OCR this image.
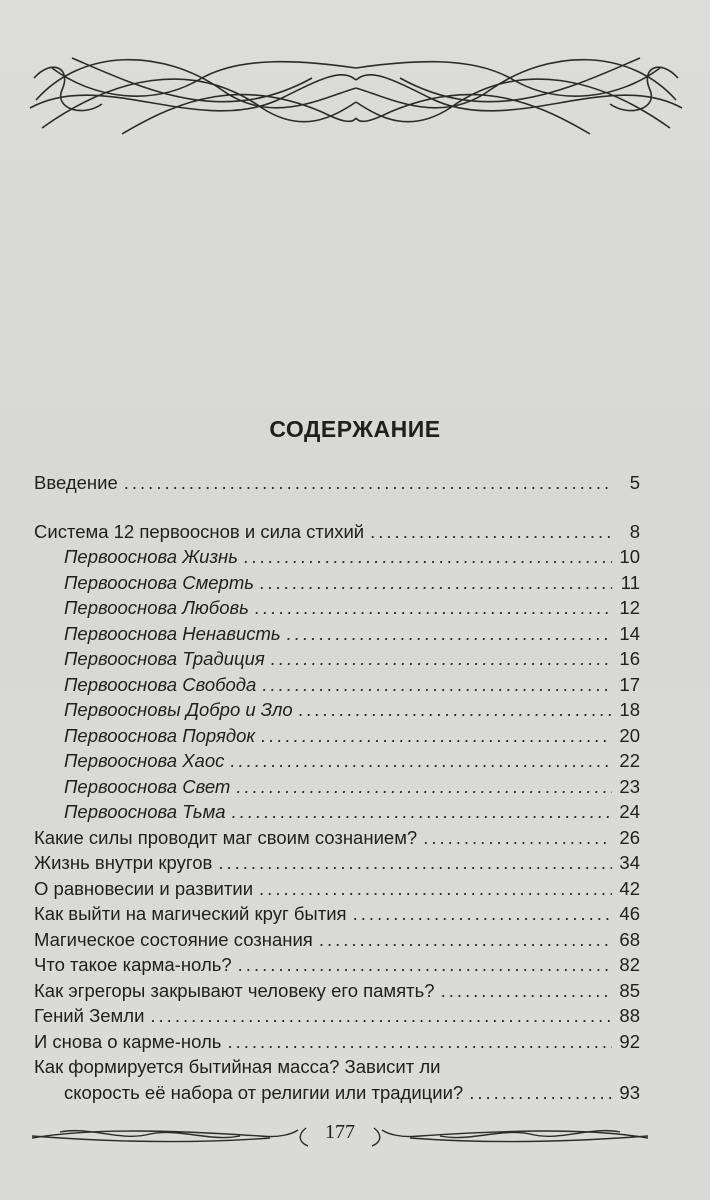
СОДЕРЖАНИЕ
Введение .....	5
Система 12 первооснов и сила стихий .....	8
Первооснова Жизнь .....	10
Первооснова Смерть .....	11
Первооснова Любовь .....	12
Первооснова Ненависть .....	14
Первооснова Традиция .....	16
Первооснова Свобода .....	17
Первоосновы Добро и Зло .....	18
Первооснова Порядок .....	20
Первооснова Хаос .....	22
Первооснова Свет .....	23
Первооснова Тьма .....	24
Какие силы проводит маг своим сознанием? .....	26
Жизнь внутри кругов .....	34
О равновесии и развитии .....	42
Как выйти на магический круг бытия .....	46
Магическое состояние сознания .....	68
Что такое карма-ноль? .....	82
Как эгрегоры закрывают человеку его память? .....	85
Гений Земли .....	88
И снова о карме-ноль .....	92
Как формируется бытийная масса? Зависит ли
скорость её набора от религии или традиции? .....	93
177
